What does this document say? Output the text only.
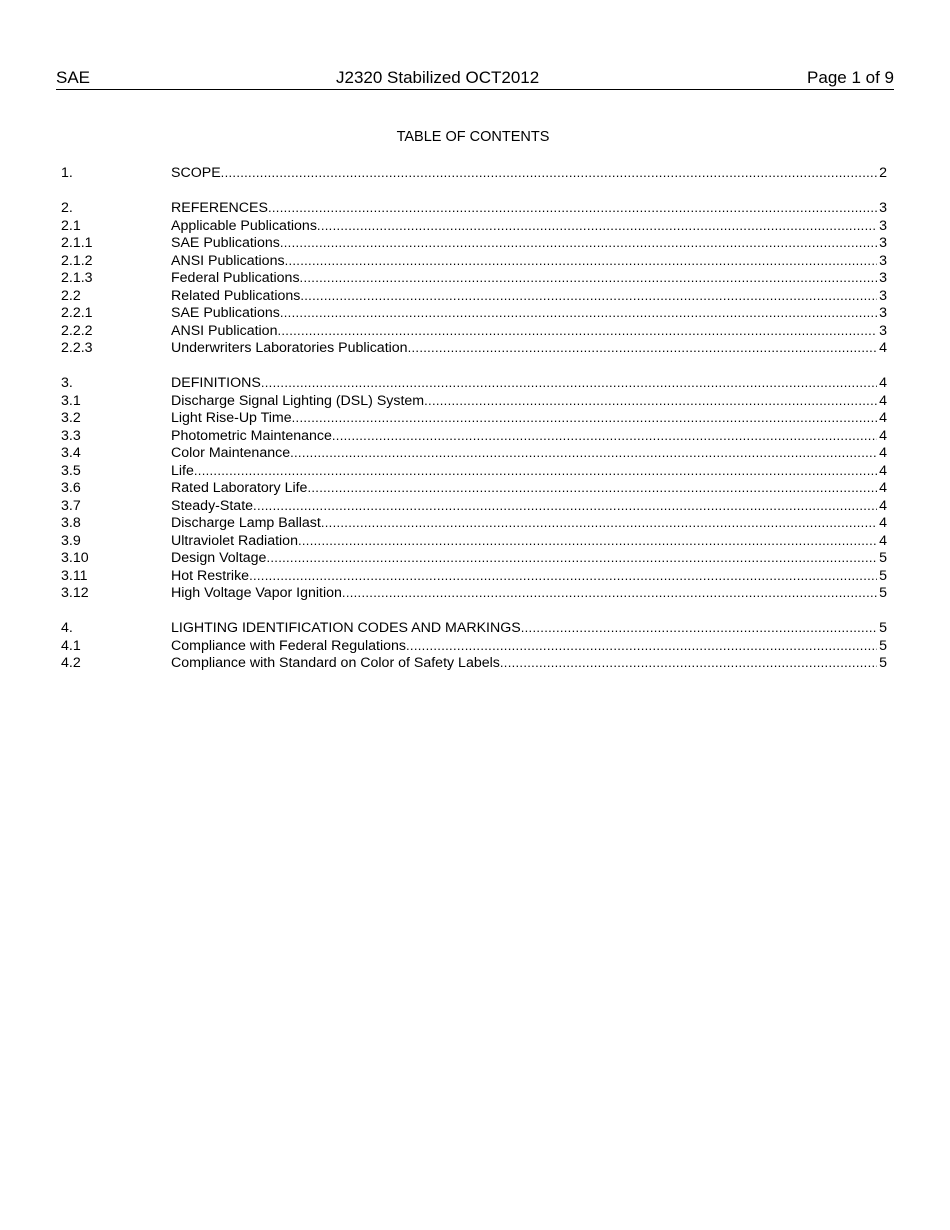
SAE	J2320 Stabilized OCT2012	Page 1 of 9
TABLE OF CONTENTS
1.	SCOPE .....	2
2.	REFERENCES .....	3
2.1	Applicable Publications .....	3
2.1.1	SAE Publications .....	3
2.1.2	ANSI Publications .....	3
2.1.3	Federal Publications .....	3
2.2	Related Publications .....	3
2.2.1	SAE Publications .....	3
2.2.2	ANSI Publication .....	3
2.2.3	Underwriters Laboratories Publication .....	4
3.	DEFINITIONS .....	4
3.1	Discharge Signal Lighting (DSL) System .....	4
3.2	Light Rise-Up Time .....	4
3.3	Photometric Maintenance .....	4
3.4	Color Maintenance .....	4
3.5	Life .....	4
3.6	Rated Laboratory Life .....	4
3.7	Steady-State .....	4
3.8	Discharge Lamp Ballast .....	4
3.9	Ultraviolet Radiation .....	4
3.10	Design Voltage .....	5
3.11	Hot Restrike .....	5
3.12	High Voltage Vapor Ignition .....	5
4.	LIGHTING IDENTIFICATION CODES AND MARKINGS .....	5
4.1	Compliance with Federal Regulations .....	5
4.2	Compliance with Standard on Color of Safety Labels .....	5
